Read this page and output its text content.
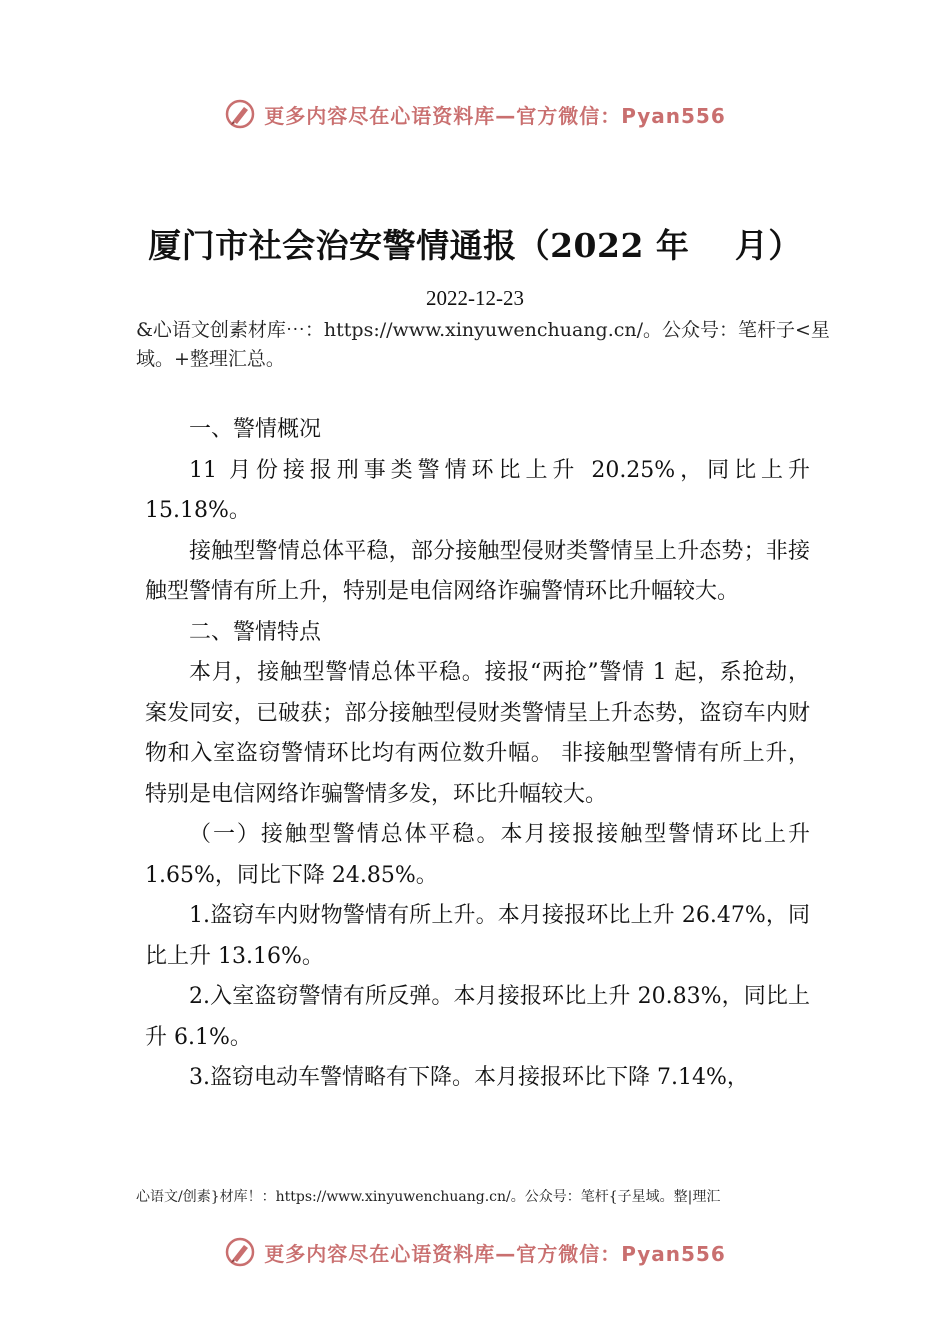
更多内容尽在心语资料库—官方微信：Pyan556
厦门市社会治安警情通报（2022 年　 月）
2022-12-23
&心语文创素材库⋯：https://www.xinyuwenchuang.cn/。公众号：笔杆子<星域。+整理汇总。

一、警情概况

11 月份接报刑事类警情环比上升 20.25%，同比上升 15.18%。

接触型警情总体平稳，部分接触型侵财类警情呈上升态势；非接触型警情有所上升，特别是电信网络诈骗警情环比升幅较大。

二、警情特点

本月，接触型警情总体平稳。接报“两抢”警情 1 起，系抢劫，案发同安，已破获；部分接触型侵财类警情呈上升态势，盗窃车内财物和入室盗窃警情环比均有两位数升幅。 非接触型警情有所上升，特别是电信网络诈骗警情多发，环比升幅较大。

（一）接触型警情总体平稳。本月接报接触型警情环比上升 1.65%，同比下降 24.85%。

1.盗窃车内财物警情有所上升。本月接报环比上升 26.47%，同比上升 13.16%。

2.入室盗窃警情有所反弹。本月接报环比上升 20.83%，同比上升 6.1%。

3.盗窃电动车警情略有下降。本月接报环比下降 7.14%，

心语文/创素}材库！：https://www.xinyuwenchuang.cn/。公众号：笔杆{子星域。整|理汇
更多内容尽在心语资料库—官方微信：Pyan556
